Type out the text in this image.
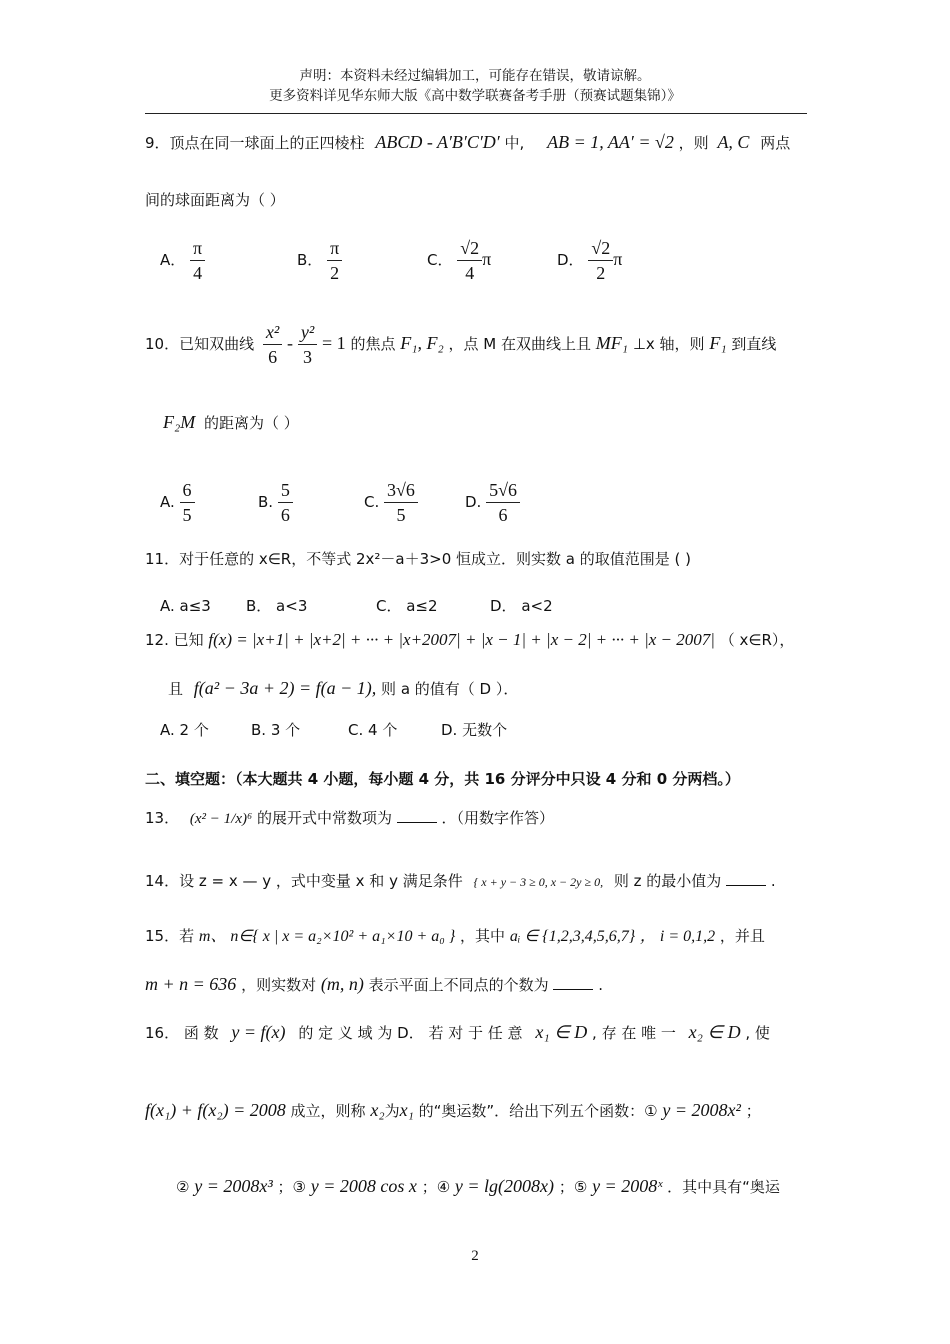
声明：本资料未经过编辑加工，可能存在错误，敬请谅解。
更多资料详见华东师大版《高中数学联赛备考手册（预赛试题集锦）》
9．顶点在同一球面上的正四棱柱 ABCD - A′B′C′D′ 中, AB = 1, AA′ = √2 ，则 A, C 两点
间的球面距离为（ ）
A． $\frac{\pi}{4}$	B． $\frac{\pi}{2}$	C． $\frac{√2}{4}$ π	D． $\frac{√2}{2}$ π
10．已知双曲线 $\frac{\text{x²}}{6} - \frac{\text{y²}}{3} = 1$ 的焦点 F₁, F₂ ，点 M 在双曲线上且 MF₁ ⊥x 轴，则 F₁ 到直线
F₂M 的距离为（ ）
A. $\frac{6}{5}$	B. $\frac{5}{6}$	C. $\frac{3√6}{5}$	D. $\frac{5√6}{6}$
11．对于任意的 x∈R，不等式 2x²－a＋3>0 恒成立．则实数 a 的取值范围是 ( )
A. a≤3 B． a<3	C． a≤2	D． a<2
12. 已知 f(x) = |x+1| + |x+2| + ··· + |x+2007| + |x − 1| + |x − 2| + ··· + |x − 2007| （ x∈R），
且 f(a² − 3a + 2) = f(a − 1), 则 a 的值有（ D ）．
A. 2 个	B. 3 个	C. 4 个	D. 无数个
二、填空题：（本大题共 4 小题，每小题 4 分，共 16 分评分中只设 4 分和 0 分两档。）
13． (x² − 1/x)⁶ 的展开式中常数项为	．（用数字作答）
14．设 z = x — y ，式中变量 x 和 y 满足条件 { x + y − 3 ≥ 0, x − 2y ≥ 0, 则 z 的最小值为	.
15．若 m、 n∈{ x | x = a₂×10² + a₁×10 + a₀ } ，其中 aᵢ ∈ {1,2,3,4,5,6,7} ， i = 0,1,2 ，并且
m + n = 636 ，则实数对 (m, n) 表示平面上不同点的个数为	.
16． 函 数 y = f(x) 的 定 义 域 为 D． 若 对 于 任 意 x₁ ∈ D , 存 在 唯 一 x₂ ∈ D , 使
f(x₁) + f(x₂) = 2008 成立，则称 x₂为x₁ 的“奥运数”．给出下列五个函数：① y = 2008x² ；
② y = 2008x³ ；③ y = 2008 cos x ；④ y = lg(2008x) ；⑤ y = 2008ˣ ．其中具有“奥运
2
